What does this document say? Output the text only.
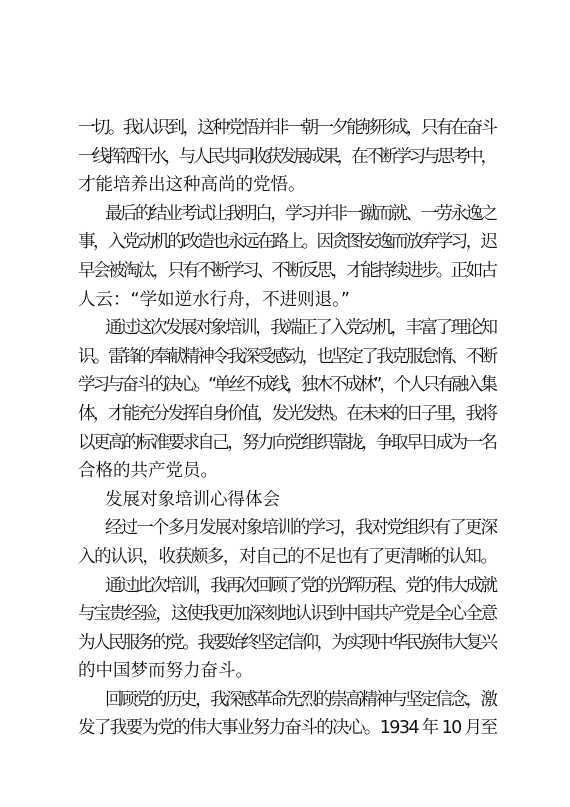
一切。我认识到，这种党悟并非一朝一夕能够形成，只有在奋斗
一线挥洒汗水，与人民共同收获发展成果，在不断学习与思考中，
才能培养出这种高尚的党悟。
最后的结业考试让我明白，学习并非一蹴而就、一劳永逸之
事，入党动机的改造也永远在路上。因贪图安逸而放弃学习，迟
早会被淘汰，只有不断学习、不断反思，才能持续进步。正如古
人云：“学如逆水行舟，不进则退。”
通过这次发展对象培训，我端正了入党动机，丰富了理论知
识。雷锋的奉献精神令我深受感动，也坚定了我克服怠惰、不断
学习与奋斗的决心。“单丝不成线，独木不成林”，个人只有融入集
体，才能充分发挥自身价值，发光发热。在未来的日子里，我将
以更高的标准要求自己，努力向党组织靠拢，争取早日成为一名
合格的共产党员。
发展对象培训心得体会
经过一个多月发展对象培训的学习，我对党组织有了更深
入的认识，收获颇多，对自己的不足也有了更清晰的认知。
通过此次培训，我再次回顾了党的光辉历程、党的伟大成就
与宝贵经验，这使我更加深刻地认识到中国共产党是全心全意
为人民服务的党。我要始终坚定信仰，为实现中华民族伟大复兴
的中国梦而努力奋斗。
回顾党的历史，我深感革命先烈的崇高精神与坚定信念，激
发了我要为党的伟大事业努力奋斗的决心。1934 年 10 月至
